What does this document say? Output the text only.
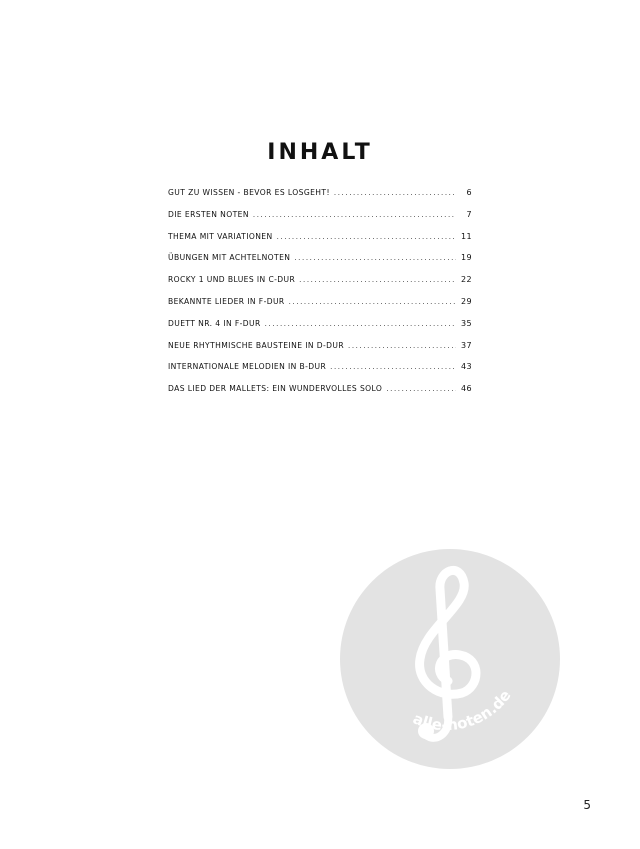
INHALT
GUT ZU WISSEN - BEVOR ES LOSGEHT! .....	6
DIE ERSTEN NOTEN .....	7
THEMA MIT VARIATIONEN .....	11
ÜBUNGEN MIT ACHTELNOTEN .....	19
ROCKY 1 UND BLUES IN C-DUR .....	22
BEKANNTE LIEDER IN F-DUR .....	29
DUETT NR. 4 IN F-DUR .....	35
NEUE RHYTHMISCHE BAUSTEINE IN D-DUR .....	37
INTERNATIONALE MELODIEN IN B-DUR .....	43
DAS LIED DER MALLETS: EIN WUNDERVOLLES SOLO .....	46
alle-noten.de
5
